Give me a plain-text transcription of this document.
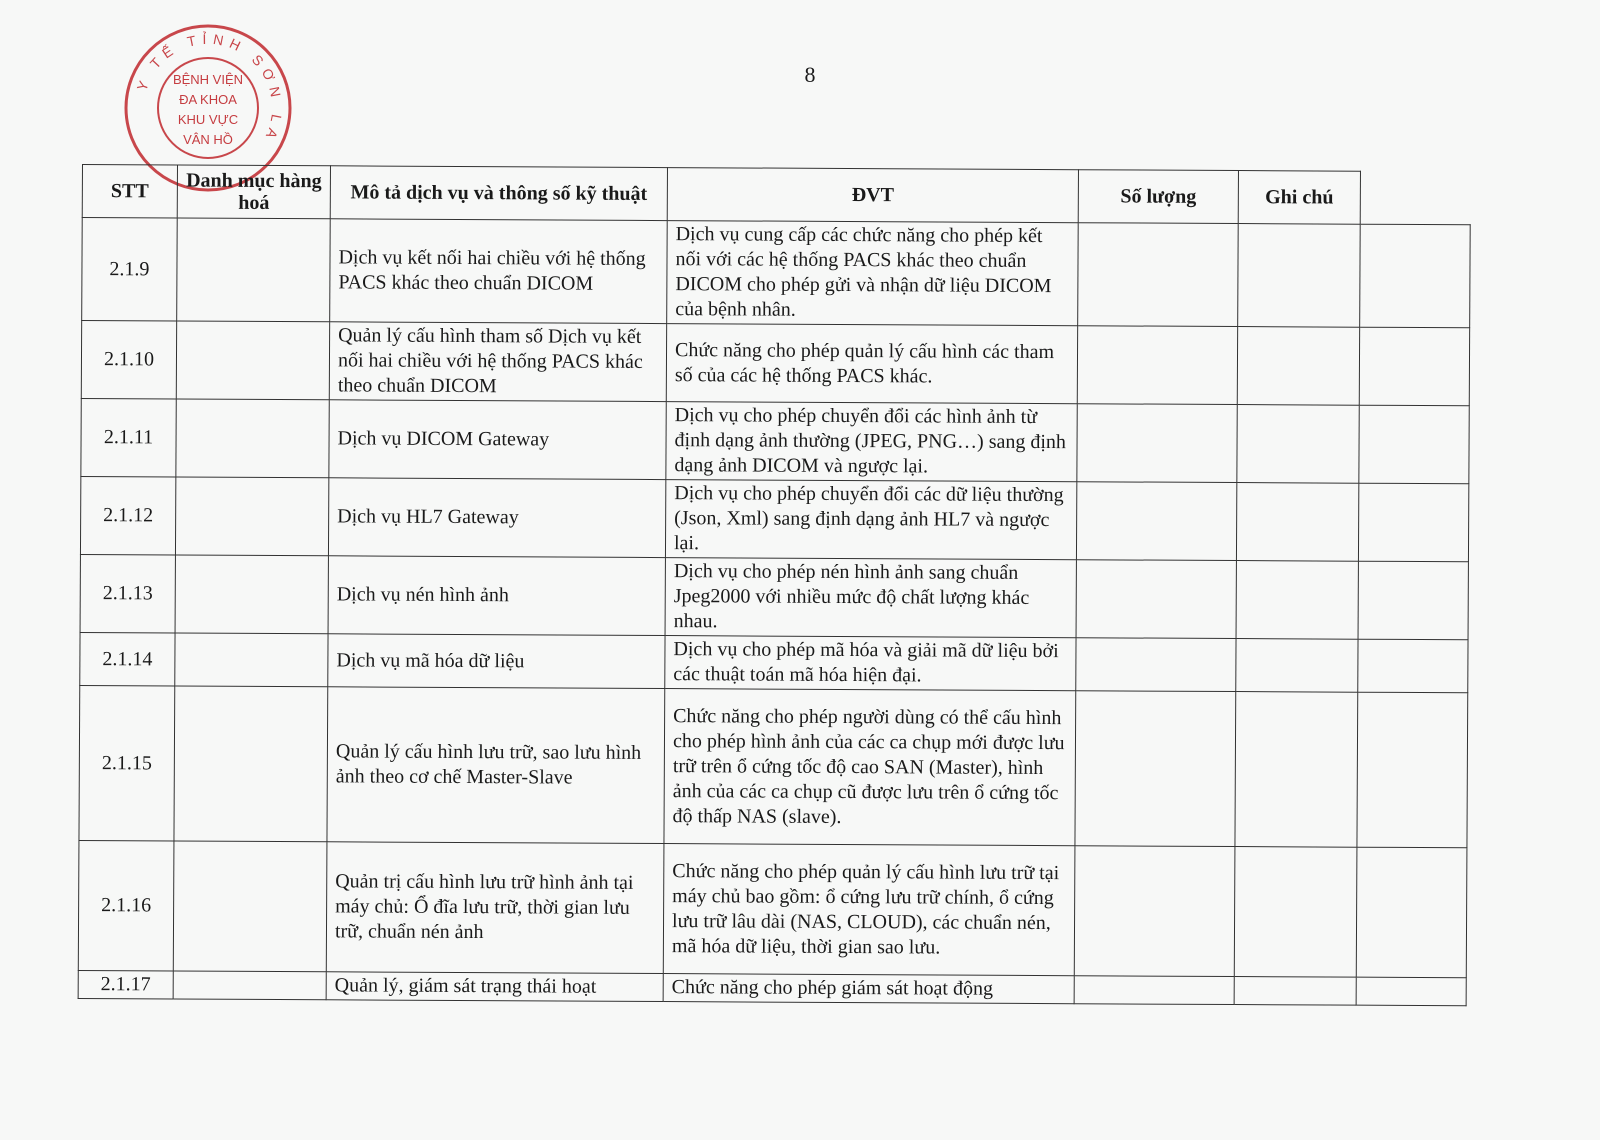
8
Y TẾ TỈNH SƠN LA
BỆNH VIỆN
ĐA KHOA
KHU VỰC
VÂN HỒ
STT	Danh mục hàng hoá	Mô tả dịch vụ và thông số kỹ thuật	ĐVT	Số lượng	Ghi chú	
2.1.9		Dịch vụ kết nối hai chiều với hệ thống PACS khác theo chuẩn DICOM	Dịch vụ cung cấp các chức năng cho phép kết nối với các hệ thống PACS khác theo chuẩn DICOM cho phép gửi và nhận dữ liệu DICOM của bệnh nhân.			
2.1.10		Quản lý cấu hình tham số Dịch vụ kết nối hai chiều với hệ thống PACS khác theo chuẩn DICOM	Chức năng cho phép quản lý cấu hình các tham số của các hệ thống PACS khác.			
2.1.11		Dịch vụ DICOM Gateway	Dịch vụ cho phép chuyển đổi các hình ảnh từ định dạng ảnh thường (JPEG, PNG…) sang định dạng ảnh DICOM và ngược lại.			
2.1.12		Dịch vụ HL7 Gateway	Dịch vụ cho phép chuyển đổi các dữ liệu thường (Json, Xml) sang định dạng ảnh HL7 và ngược lại.			
2.1.13		Dịch vụ nén hình ảnh	Dịch vụ cho phép nén hình ảnh sang chuẩn Jpeg2000 với nhiều mức độ chất lượng khác nhau.			
2.1.14		Dịch vụ mã hóa dữ liệu	Dịch vụ cho phép mã hóa và giải mã dữ liệu bởi các thuật toán mã hóa hiện đại.			
2.1.15		Quản lý cấu hình lưu trữ, sao lưu hình ảnh theo cơ chế Master-Slave	Chức năng cho phép người dùng có thể cấu hình cho phép hình ảnh của các ca chụp mới được lưu trữ trên ổ cứng tốc độ cao SAN (Master), hình ảnh của các ca chụp cũ được lưu trên ổ cứng tốc độ thấp NAS (slave).			
2.1.16		Quản trị cấu hình lưu trữ hình ảnh tại máy chủ: Ổ đĩa lưu trữ, thời gian lưu trữ, chuẩn nén ảnh	Chức năng cho phép quản lý cấu hình lưu trữ tại máy chủ bao gồm: ổ cứng lưu trữ chính, ổ cứng lưu trữ lâu dài (NAS, CLOUD), các chuẩn nén, mã hóa dữ liệu, thời gian sao lưu.			
2.1.17		Quản lý, giám sát trạng thái hoạt	Chức năng cho phép giám sát hoạt động			
